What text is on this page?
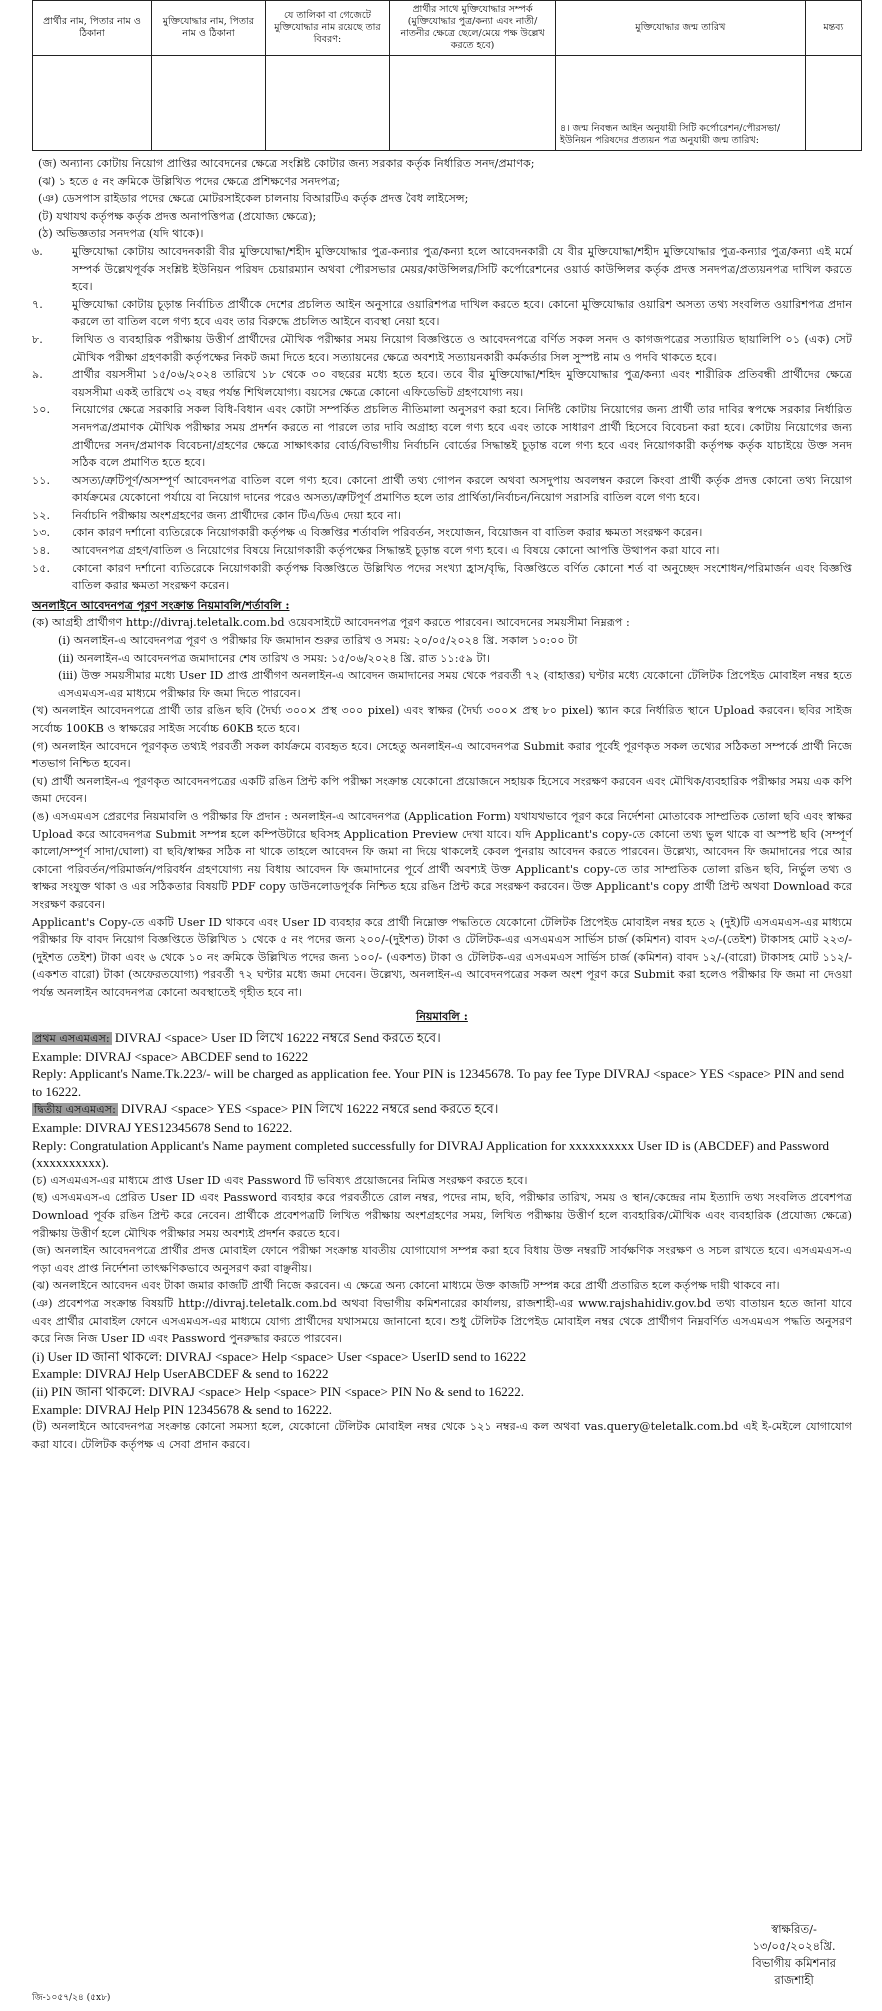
প্রার্থীর নাম, পিতার নাম ও ঠিকানা	মুক্তিযোদ্ধার নাম, পিতার নাম ও ঠিকানা	যে তালিকা বা গেজেটে মুক্তিযোদ্ধার নাম রয়েছে তার বিবরণ:	প্রার্থীর সাথে মুক্তিযোদ্ধার সম্পর্ক (মুক্তিযোদ্ধার পুত্র/কন্যা এবং নাতী/নাতনীর ক্ষেত্রে ছেলে/মেয়ে পক্ষ উল্লেখ করতে হবে)	মুক্তিযোদ্ধার জন্ম তারিখ	মন্তব্য
				৪। জন্ম নিবন্ধন আইন অনুযায়ী সিটি কর্পোরেশন/পৌরসভা/ইউনিয়ন পরিষদের প্রত্যয়ন পত্র অনুযায়ী জন্ম তারিখ:	
(জ) অন্যান্য কোটায় নিয়োগ প্রাপ্তির আবেদনের ক্ষেত্রে সংশ্লিষ্ট কোটার জন্য সরকার কর্তৃক নির্ধারিত সনদ/প্রমাণক;
(ঝ) ১ হতে ৫ নং ক্রমিকে উল্লিখিত পদের ক্ষেত্রে প্রশিক্ষণের সনদপত্র;
(ঞ) ডেসপাস রাইডার পদের ক্ষেত্রে মোটরসাইকেল চালনায় বিআরটিএ কর্তৃক প্রদত্ত বৈধ লাইসেন্স;
(ট) যথাযথ কর্তৃপক্ষ কর্তৃক প্রদত্ত অনাপত্তিপত্র (প্রযোজ্য ক্ষেত্রে);
(ঠ) অভিজ্ঞতার সনদপত্র (যদি থাকে)।
৬.	মুক্তিযোদ্ধা কোটায় আবেদনকারী বীর মুক্তিযোদ্ধা/শহীদ মুক্তিযোদ্ধার পুত্র-কন্যার পুত্র/কন্যা হলে আবেদনকারী যে বীর মুক্তিযোদ্ধা/শহীদ মুক্তিযোদ্ধার পুত্র-কন্যার পুত্র/কন্যা এই মর্মে সম্পর্ক উল্লেখপূর্বক সংশ্লিষ্ট ইউনিয়ন পরিষদ চেয়ারম্যান অথবা পৌরসভার মেয়র/কাউন্সিলর/সিটি কর্পোরেশনের ওয়ার্ড কাউন্সিলর কর্তৃক প্রদত্ত সনদপত্র/প্রত্যয়নপত্র দাখিল করতে হবে।
৭.	মুক্তিযোদ্ধা কোটায় চূড়ান্ত নির্বাচিত প্রার্থীকে দেশের প্রচলিত আইন অনুসারে ওয়ারিশপত্র দাখিল করতে হবে। কোনো মুক্তিযোদ্ধার ওয়ারিশ অসত্য তথ্য সংবলিত ওয়ারিশপত্র প্রদান করলে তা বাতিল বলে গণ্য হবে এবং তার বিরুদ্ধে প্রচলিত আইনে ব্যবস্থা নেয়া হবে।
৮.	লিখিত ও ব্যবহারিক পরীক্ষায় উত্তীর্ণ প্রার্থীদের মৌখিক পরীক্ষার সময় নিয়োগ বিজ্ঞপ্তিতে ও আবেদনপত্রে বর্ণিত সকল সনদ ও কাগজপত্রের সত্যায়িত ছায়ালিপি ০১ (এক) সেট মৌখিক পরীক্ষা গ্রহণকারী কর্তৃপক্ষের নিকট জমা দিতে হবে। সত্যায়নের ক্ষেত্রে অবশ্যই সত্যায়নকারী কর্মকর্তার সিল সুস্পষ্ট নাম ও পদবি থাকতে হবে।
৯.	প্রার্থীর বয়সসীমা ১৫/০৬/২০২৪ তারিখে ১৮ থেকে ৩০ বছরের মধ্যে হতে হবে। তবে বীর মুক্তিযোদ্ধা/শহিদ মুক্তিযোদ্ধার পুত্র/কন্যা এবং শারীরিক প্রতিবন্ধী প্রার্থীদের ক্ষেত্রে বয়সসীমা একই তারিখে ৩২ বছর পর্যন্ত শিথিলযোগ্য। বয়সের ক্ষেত্রে কোনো এফিডেভিট গ্রহণযোগ্য নয়।
১০.	নিয়োগের ক্ষেত্রে সরকারি সকল বিধি-বিধান এবং কোটা সম্পর্কিত প্রচলিত নীতিমালা অনুসরণ করা হবে। নির্দিষ্ট কোটায় নিয়োগের জন্য প্রার্থী তার দাবির স্বপক্ষে সরকার নির্ধারিত সনদপত্র/প্রমাণক মৌখিক পরীক্ষার সময় প্রদর্শন করতে না পারলে তার দাবি অগ্রাহ্য বলে গণ্য হবে এবং তাকে সাধারণ প্রার্থী হিসেবে বিবেচনা করা হবে। কোটায় নিয়োগের জন্য প্রার্থীদের সনদ/প্রমাণক বিবেচনা/গ্রহণের ক্ষেত্রে সাক্ষাৎকার বোর্ড/বিভাগীয় নির্বাচনি বোর্ডের সিদ্ধান্তই চূড়ান্ত বলে গণ্য হবে এবং নিয়োগকারী কর্তৃপক্ষ কর্তৃক যাচাইয়ে উক্ত সনদ সঠিক বলে প্রমাণিত হতে হবে।
১১.	অসত্য/ত্রুটিপূর্ণ/অসম্পূর্ণ আবেদনপত্র বাতিল বলে গণ্য হবে। কোনো প্রার্থী তথ্য গোপন করলে অথবা অসদুপায় অবলম্বন করলে কিংবা প্রার্থী কর্তৃক প্রদত্ত কোনো তথ্য নিয়োগ কার্যক্রমের যেকোনো পর্যায়ে বা নিয়োগ দানের পরেও অসত্য/ত্রুটিপূর্ণ প্রমাণিত হলে তার প্রার্থিতা/নির্বাচন/নিয়োগ সরাসরি বাতিল বলে গণ্য হবে।
১২.	নির্বাচনি পরীক্ষায় অংশগ্রহণের জন্য প্রার্থীদের কোন টিএ/ডিএ দেয়া হবে না।
১৩.	কোন কারণ দর্শানো ব্যতিরেকে নিয়োগকারী কর্তৃপক্ষ এ বিজ্ঞপ্তির শর্তাবলি পরিবর্তন, সংযোজন, বিয়োজন বা বাতিল করার ক্ষমতা সংরক্ষণ করেন।
১৪.	আবেদনপত্র গ্রহণ/বাতিল ও নিয়োগের বিষয়ে নিয়োগকারী কর্তৃপক্ষের সিদ্ধান্তই চূড়ান্ত বলে গণ্য হবে। এ বিষয়ে কোনো আপত্তি উত্থাপন করা যাবে না।
১৫.	কোনো কারণ দর্শানো ব্যতিরেকে নিয়োগকারী কর্তৃপক্ষ বিজ্ঞপ্তিতে উল্লিখিত পদের সংখ্যা হ্রাস/বৃদ্ধি, বিজ্ঞপ্তিতে বর্ণিত কোনো শর্ত বা অনুচ্ছেদ সংশোধন/পরিমার্জন এবং বিজ্ঞপ্তি বাতিল করার ক্ষমতা সংরক্ষণ করেন।
অনলাইনে আবেদনপত্র পূরণ সংক্রান্ত নিয়মাবলি/শর্তাবলি :
(ক) আগ্রহী প্রার্থীগণ http://divraj.teletalk.com.bd ওয়েবসাইটে আবেদনপত্র পূরণ করতে পারবেন। আবেদনের সময়সীমা নিম্নরূপ :
(i) অনলাইন-এ আবেদনপত্র পূরণ ও পরীক্ষার ফি জমাদান শুরুর তারিখ ও সময়: ২০/০৫/২০২৪ খ্রি. সকাল ১০:০০ টা
(ii) অনলাইন-এ আবেদনপত্র জমাদানের শেষ তারিখ ও সময়: ১৫/০৬/২০২৪ খ্রি. রাত ১১:৫৯ টা।
(iii) উক্ত সময়সীমার মধ্যে User ID প্রাপ্ত প্রার্থীগণ অনলাইন-এ আবেদন জমাদানের সময় থেকে পরবর্তী ৭২ (বাহাত্তর) ঘণ্টার মধ্যে যেকোনো টেলিটক প্রিপেইড মোবাইল নম্বর হতে এসএমএস-এর মাধ্যমে পরীক্ষার ফি জমা দিতে পারবেন।
(খ) অনলাইন আবেদনপত্রে প্রার্থী তার রঙিন ছবি (দৈর্ঘ্য ৩০০× প্রস্থ ৩০০ pixel) এবং স্বাক্ষর (দৈর্ঘ্য ৩০০× প্রস্থ ৮০ pixel) স্ক্যান করে নির্ধারিত স্থানে Upload করবেন। ছবির সাইজ সর্বোচ্চ 100KB ও স্বাক্ষরের সাইজ সর্বোচ্চ 60KB হতে হবে।
(গ) অনলাইন আবেদনে পূরণকৃত তথ্যই পরবর্তী সকল কার্যক্রমে ব্যবহৃত হবে। সেহেতু অনলাইন-এ আবেদনপত্র Submit করার পূর্বেই পূরণকৃত সকল তথ্যের সঠিকতা সম্পর্কে প্রার্থী নিজে শতভাগ নিশ্চিত হবেন।
(ঘ) প্রার্থী অনলাইন-এ পূরণকৃত আবেদনপত্রের একটি রঙিন প্রিন্ট কপি পরীক্ষা সংক্রান্ত যেকোনো প্রয়োজনে সহায়ক হিসেবে সংরক্ষণ করবেন এবং মৌখিক/ব্যবহারিক পরীক্ষার সময় এক কপি জমা দেবেন।
(ঙ) এসএমএস প্রেরণের নিয়মাবলি ও পরীক্ষার ফি প্রদান : অনলাইন-এ আবেদনপত্র (Application Form) যথাযথভাবে পূরণ করে নির্দেশনা মোতাবেক সাম্প্রতিক তোলা ছবি এবং স্বাক্ষর Upload করে আবেদনপত্র Submit সম্পন্ন হলে কম্পিউটারে ছবিসহ Application Preview দেখা যাবে। যদি Applicant's copy-তে কোনো তথ্য ভুল থাকে বা অস্পষ্ট ছবি (সম্পূর্ণ কালো/সম্পূর্ণ সাদা/ঘোলা) বা ছবি/স্বাক্ষর সঠিক না থাকে তাহলে আবেদন ফি জমা না দিয়ে থাকলেই কেবল পুনরায় আবেদন করতে পারবেন। উল্লেখ্য, আবেদন ফি জমাদানের পরে আর কোনো পরিবর্তন/পরিমার্জন/পরিবর্ধন গ্রহণযোগ্য নয় বিধায় আবেদন ফি জমাদানের পূর্বে প্রার্থী অবশ্যই উক্ত Applicant's copy-তে তার সাম্প্রতিক তোলা রঙিন ছবি, নির্ভুল তথ্য ও স্বাক্ষর সংযুক্ত থাকা ও এর সঠিকতার বিষয়টি PDF copy ডাউনলোডপূর্বক নিশ্চিত হয়ে রঙিন প্রিন্ট করে সংরক্ষণ করবেন। উক্ত Applicant's copy প্রার্থী প্রিন্ট অথবা Download করে সংরক্ষণ করবেন।
Applicant's Copy-তে একটি User ID থাকবে এবং User ID ব্যবহার করে প্রার্থী নিম্নোক্ত পদ্ধতিতে যেকোনো টেলিটক প্রিপেইড মোবাইল নম্বর হতে ২ (দুই)টি এসএমএস-এর মাধ্যমে পরীক্ষার ফি বাবদ নিয়োগ বিজ্ঞপ্তিতে উল্লিখিত ১ থেকে ৫ নং পদের জন্য ২০০/-(দুইশত) টাকা ও টেলিটক-এর এসএমএস সার্ভিস চার্জ (কমিশন) বাবদ ২৩/-(তেইশ) টাকাসহ মোট ২২৩/-(দুইশত তেইশ) টাকা এবং ৬ থেকে ১০ নং ক্রমিকে উল্লিখিত পদের জন্য ১০০/- (একশত) টাকা ও টেলিটক-এর এসএমএস সার্ভিস চার্জ (কমিশন) বাবদ ১২/-(বারো) টাকাসহ মোট ১১২/-(একশত বারো) টাকা (অফেরতযোগ্য) পরবর্তী ৭২ ঘণ্টার মধ্যে জমা দেবেন। উল্লেখ্য, অনলাইন-এ আবেদনপত্রের সকল অংশ পূরণ করে Submit করা হলেও পরীক্ষার ফি জমা না দেওয়া পর্যন্ত অনলাইন আবেদনপত্র কোনো অবস্থাতেই গৃহীত হবে না।
নিয়মাবলি :
প্রথম এসএমএস: DIVRAJ <space> User ID লিখে 16222 নম্বরে Send করতে হবে।
Example: DIVRAJ <space> ABCDEF send to 16222
Reply: Applicant's Name.Tk.223/- will be charged as application fee. Your PIN is 12345678. To pay fee Type DIVRAJ <space> YES <space> PIN and send to 16222.
দ্বিতীয় এসএমএস: DIVRAJ <space> YES <space> PIN লিখে 16222 নম্বরে send করতে হবে।
Example: DIVRAJ YES12345678 Send to 16222.
Reply: Congratulation Applicant's Name payment completed successfully for DIVRAJ Application for xxxxxxxxxx User ID is (ABCDEF) and Password (xxxxxxxxxx).
(চ) এসএমএস-এর মাধ্যমে প্রাপ্ত User ID এবং Password টি ভবিষ্যৎ প্রয়োজনের নিমিত্ত সংরক্ষণ করতে হবে।
(ছ) এসএমএস-এ প্রেরিত User ID এবং Password ব্যবহার করে পরবর্তীতে রোল নম্বর, পদের নাম, ছবি, পরীক্ষার তারিখ, সময় ও স্থান/কেন্দ্রের নাম ইত্যাদি তথ্য সংবলিত প্রবেশপত্র Download পূর্বক রঙিন প্রিন্ট করে নেবেন। প্রার্থীকে প্রবেশপত্রটি লিখিত পরীক্ষায় অংশগ্রহণের সময়, লিখিত পরীক্ষায় উত্তীর্ণ হলে ব্যবহারিক/মৌখিক এবং ব্যবহারিক (প্রযোজ্য ক্ষেত্রে) পরীক্ষায় উত্তীর্ণ হলে মৌখিক পরীক্ষার সময় অবশ্যই প্রদর্শন করতে হবে।
(জ) অনলাইন আবেদনপত্রে প্রার্থীর প্রদত্ত মোবাইল ফোনে পরীক্ষা সংক্রান্ত যাবতীয় যোগাযোগ সম্পন্ন করা হবে বিধায় উক্ত নম্বরটি সার্বক্ষণিক সংরক্ষণ ও সচল রাখতে হবে। এসএমএস-এ পড়া এবং প্রাপ্ত নির্দেশনা তাৎক্ষণিকভাবে অনুসরণ করা বাঞ্ছনীয়।
(ঝ) অনলাইনে আবেদন এবং টাকা জমার কাজটি প্রার্থী নিজে করবেন। এ ক্ষেত্রে অন্য কোনো মাধ্যমে উক্ত কাজটি সম্পন্ন করে প্রার্থী প্রতারিত হলে কর্তৃপক্ষ দায়ী থাকবে না।
(ঞ) প্রবেশপত্র সংক্রান্ত বিষয়টি http://divraj.teletalk.com.bd অথবা বিভাগীয় কমিশনারের কার্যালয়, রাজশাহী-এর www.rajshahidiv.gov.bd তথ্য বাতায়ন হতে জানা যাবে এবং প্রার্থীর মোবাইল ফোনে এসএমএস-এর মাধ্যমে যোগ্য প্রার্থীদের যথাসময়ে জানানো হবে। শুধু টেলিটক প্রিপেইড মোবাইল নম্বর থেকে প্রার্থীগণ নিম্নবর্ণিত এসএমএস পদ্ধতি অনুসরণ করে নিজ নিজ User ID এবং Password পুনরুদ্ধার করতে পারবেন।
(i) User ID জানা থাকলে: DIVRAJ <space> Help <space> User <space> UserID send to 16222
Example: DIVRAJ Help UserABCDEF & send to 16222
(ii) PIN জানা থাকলে: DIVRAJ <space> Help <space> PIN <space> PIN No & send to 16222.
Example: DIVRAJ Help PIN 12345678 & send to 16222.
(ট) অনলাইনে আবেদনপত্র সংক্রান্ত কোনো সমস্যা হলে, যেকোনো টেলিটক মোবাইল নম্বর থেকে ১২১ নম্বর-এ কল অথবা vas.query@teletalk.com.bd এই ই-মেইলে যোগাযোগ করা যাবে। টেলিটক কর্তৃপক্ষ এ সেবা প্রদান করবে।
স্বাক্ষরিত/-
১৩/০৫/২০২৪খ্রি.
বিভাগীয় কমিশনার
রাজশাহী
জি-১০৫৭/২৪ (৫x৮)
